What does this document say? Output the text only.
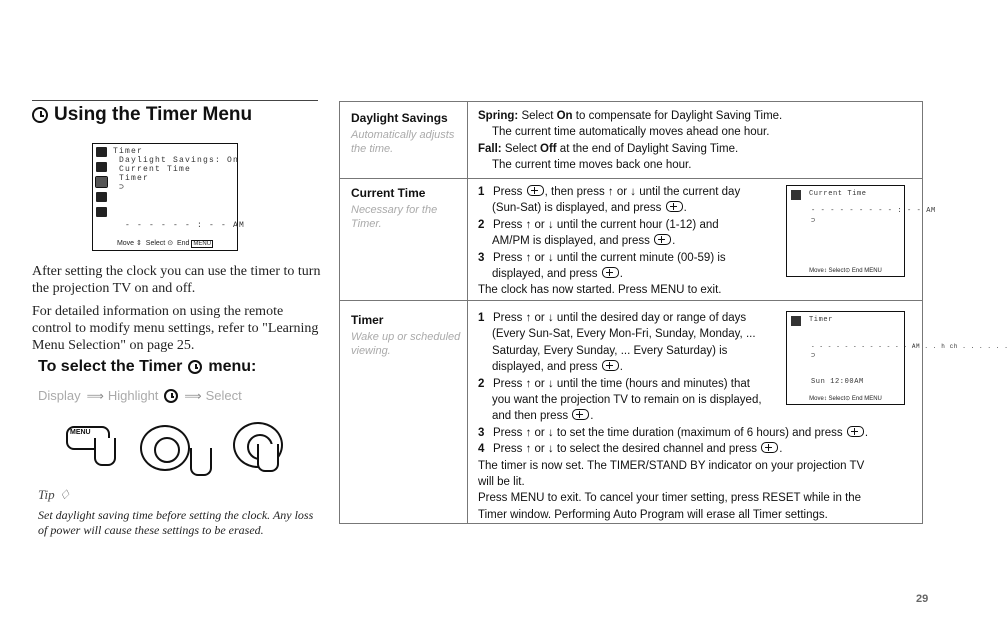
Using the Timer Menu
Timer
Daylight Savings: On
Current Time
Timer
⊃
- - - - - - : - - AM
Move ⇕  Select ⊙  End MENU
After setting the clock you can use the timer to turn the projection TV on and off.
For detailed information on using the remote control to modify menu settings, refer to "Learning Menu Selection" on page 25.
To select the Timer menu:
Display ⟹ Highlight ⟹ Select
MENU
Tip ♢
Set daylight saving time before setting the clock. Any loss of power will cause these settings to be erased.
Daylight Savings
Automatically adjusts the time.
Spring: Select On to compensate for Daylight Saving Time.
The current time automatically moves ahead one hour.
Fall: Select Off at the end of Daylight Saving Time.
The current time moves back one hour.
Current Time
Necessary for the Timer.
1 Press , then press ↑ or ↓ until the current day
(Sun-Sat) is displayed, and press .
2 Press ↑ or ↓ until the current hour (1-12) and
AM/PM is displayed, and press .
3 Press ↑ or ↓ until the current minute (00-59) is
displayed, and press .
The clock has now started. Press MENU to exit.
Current Time
- - - - - - - - - : - - AM
⊃
Move↕ Select⊙ End MENU
Timer
Wake up or scheduled viewing.
1 Press ↑ or ↓ until the desired day or range of days
(Every Sun-Sat, Every Mon-Fri, Sunday, Monday, ...
Saturday, Every Sunday, ... Every Saturday) is
displayed, and press .
2 Press ↑ or ↓ until the time (hours and minutes) that
you want the projection TV to remain on is displayed,
and then press .
3 Press ↑ or ↓ to set the time duration (maximum of 6 hours) and press .
4 Press ↑ or ↓ to select the desired channel and press .
The timer is now set. The TIMER/STAND BY indicator on your projection TV
will be lit.
Press MENU to exit. To cancel your timer setting, press RESET while in the
Timer window. Performing Auto Program will erase all Timer settings.
Timer
- - - - - - - - - - - - AM . . h ch . . . . . .
⊃
Sun 12:00AM
Move↕ Select⊙ End MENU
29
